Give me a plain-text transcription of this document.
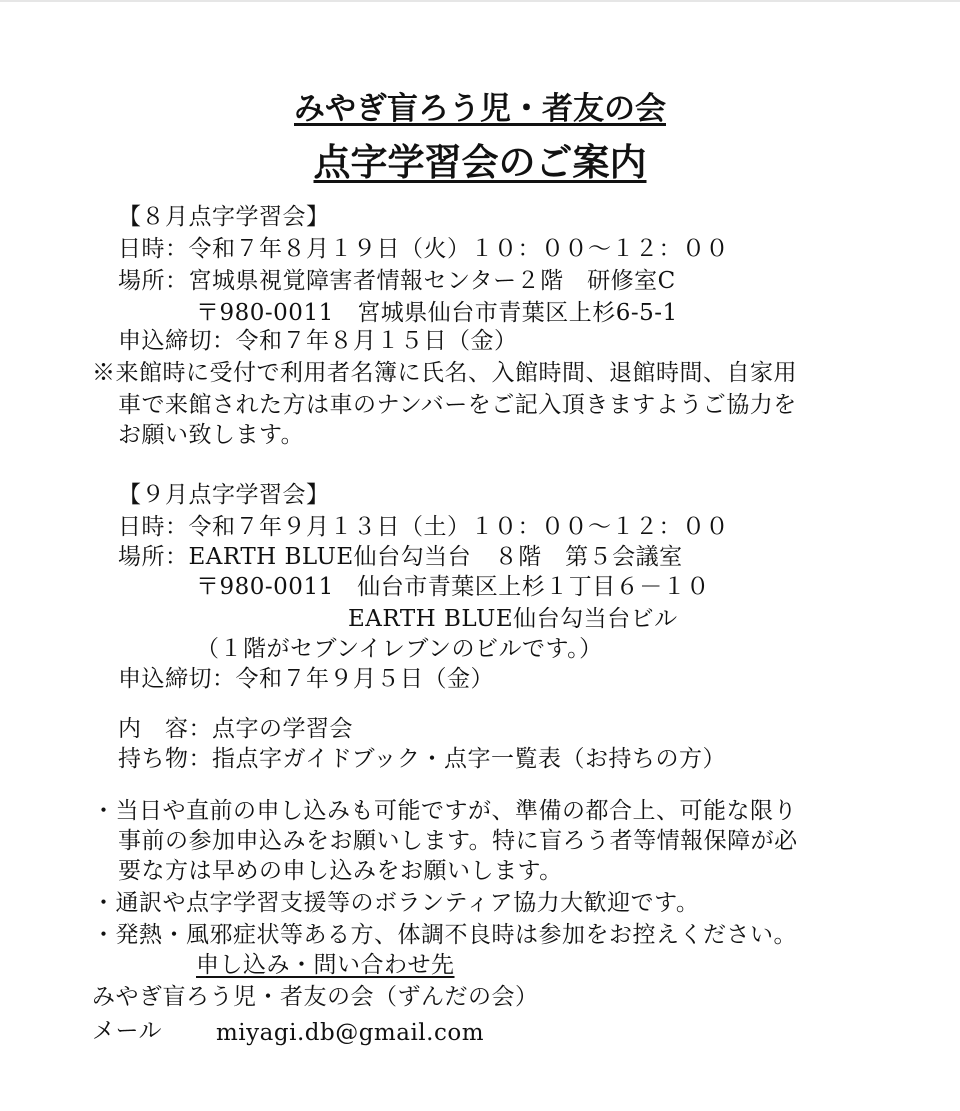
みやぎ盲ろう児・者友の会
点字学習会のご案内
【８月点字学習会】
日時：令和７年８月１９日（火）１０：００～１２：００
場所：宮城県視覚障害者情報センター２階　研修室C
〒980-0011　宮城県仙台市青葉区上杉6-5-1
申込締切：令和７年８月１５日（金）
※来館時に受付で利用者名簿に氏名、入館時間、退館時間、自家用
車で来館された方は車のナンバーをご記入頂きますようご協力を
お願い致します。
【９月点字学習会】
日時：令和７年９月１３日（土）１０：００～１２：００
場所：EARTH BLUE仙台勾当台　８階　第５会議室
〒980-0011　仙台市青葉区上杉１丁目６－１０
EARTH BLUE仙台勾当台ビル
（１階がセブンイレブンのビルです。）
申込締切：令和７年９月５日（金）
内　容：点字の学習会
持ち物：指点字ガイドブック・点字一覧表（お持ちの方）
・当日や直前の申し込みも可能ですが、準備の都合上、可能な限り
事前の参加申込みをお願いします。特に盲ろう者等情報保障が必
要な方は早めの申し込みをお願いします。
・通訳や点字学習支援等のボランティア協力大歓迎です。
・発熱・風邪症状等ある方、体調不良時は参加をお控えください。
申し込み・問い合わせ先
みやぎ盲ろう児・者友の会（ずんだの会）
メール miyagi.db@gmail.com
